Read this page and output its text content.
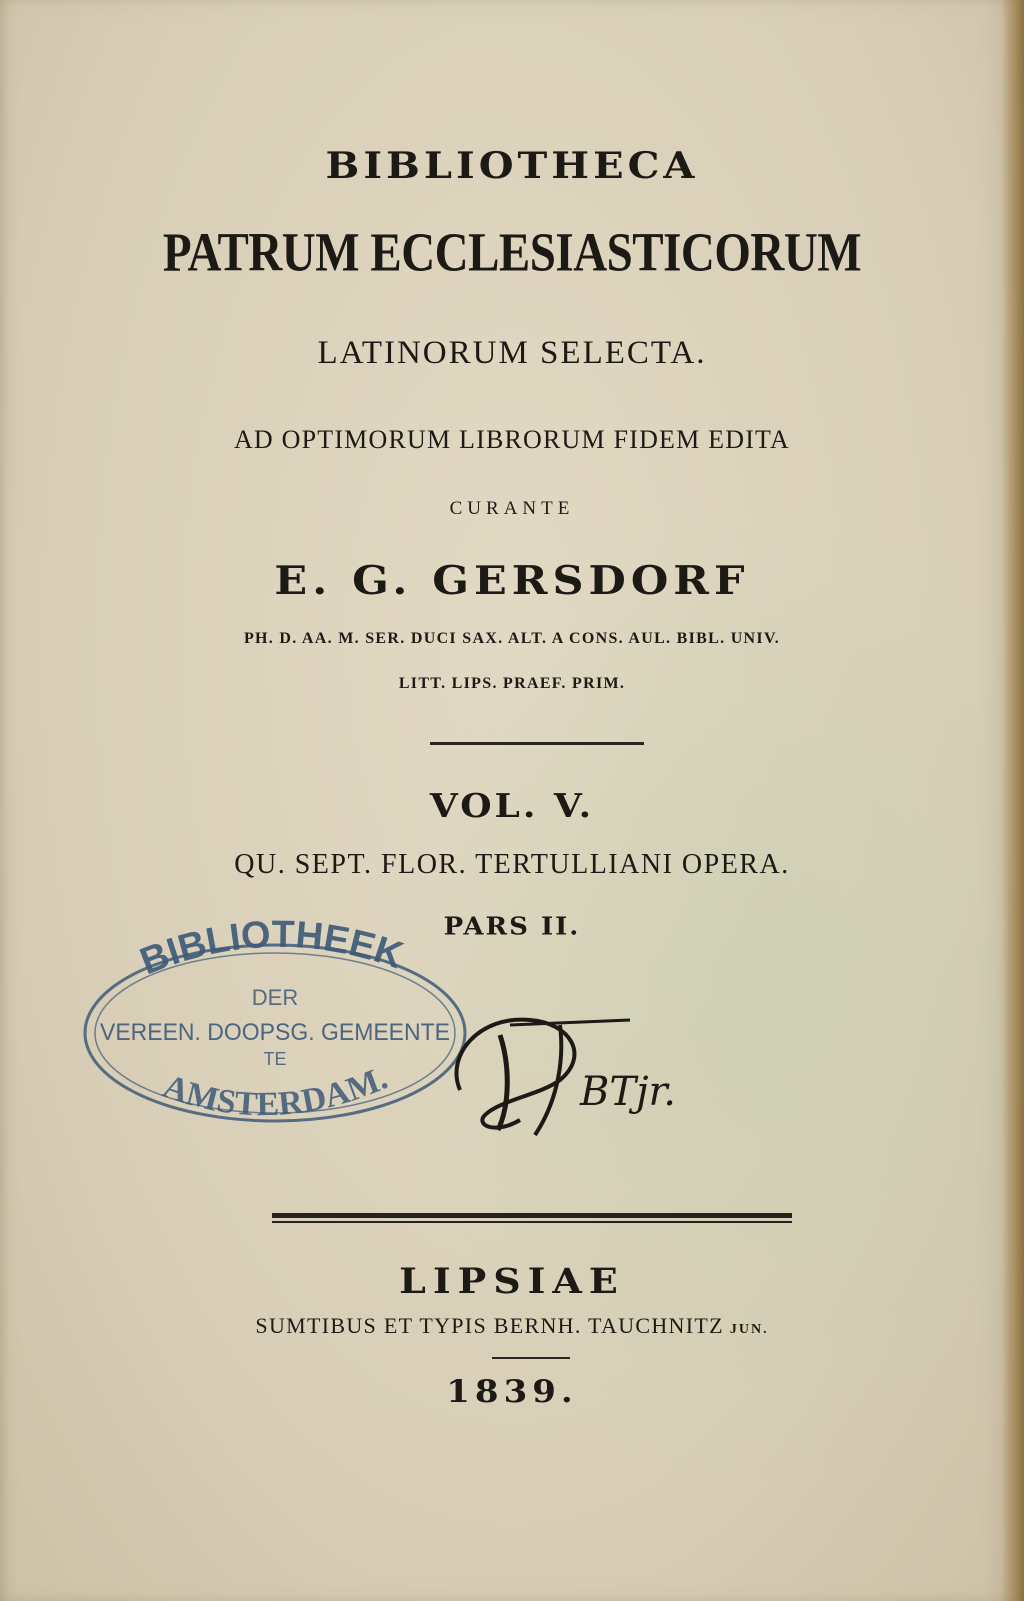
BIBLIOTHECA

PATRUM ECCLESIASTICORUM

LATINORUM SELECTA.

AD OPTIMORUM LIBRORUM FIDEM EDITA

CURANTE

E. G. GERSDORF

PH. D. AA. M. SER. DUCI SAX. ALT. A CONS. AUL. BIBL. UNIV.

LITT. LIPS. PRAEF. PRIM.

VOL. V.

QU. SEPT. FLOR. TERTULLIANI OPERA.

PARS II.

BIBLIOTHEEK
DER
VEREEN. DOOPSG. GEMEENTE
TE
AMSTERDAM.	BTjr.

LIPSIAE

SUMTIBUS ET TYPIS BERNH. TAUCHNITZ JUN.

1839.
